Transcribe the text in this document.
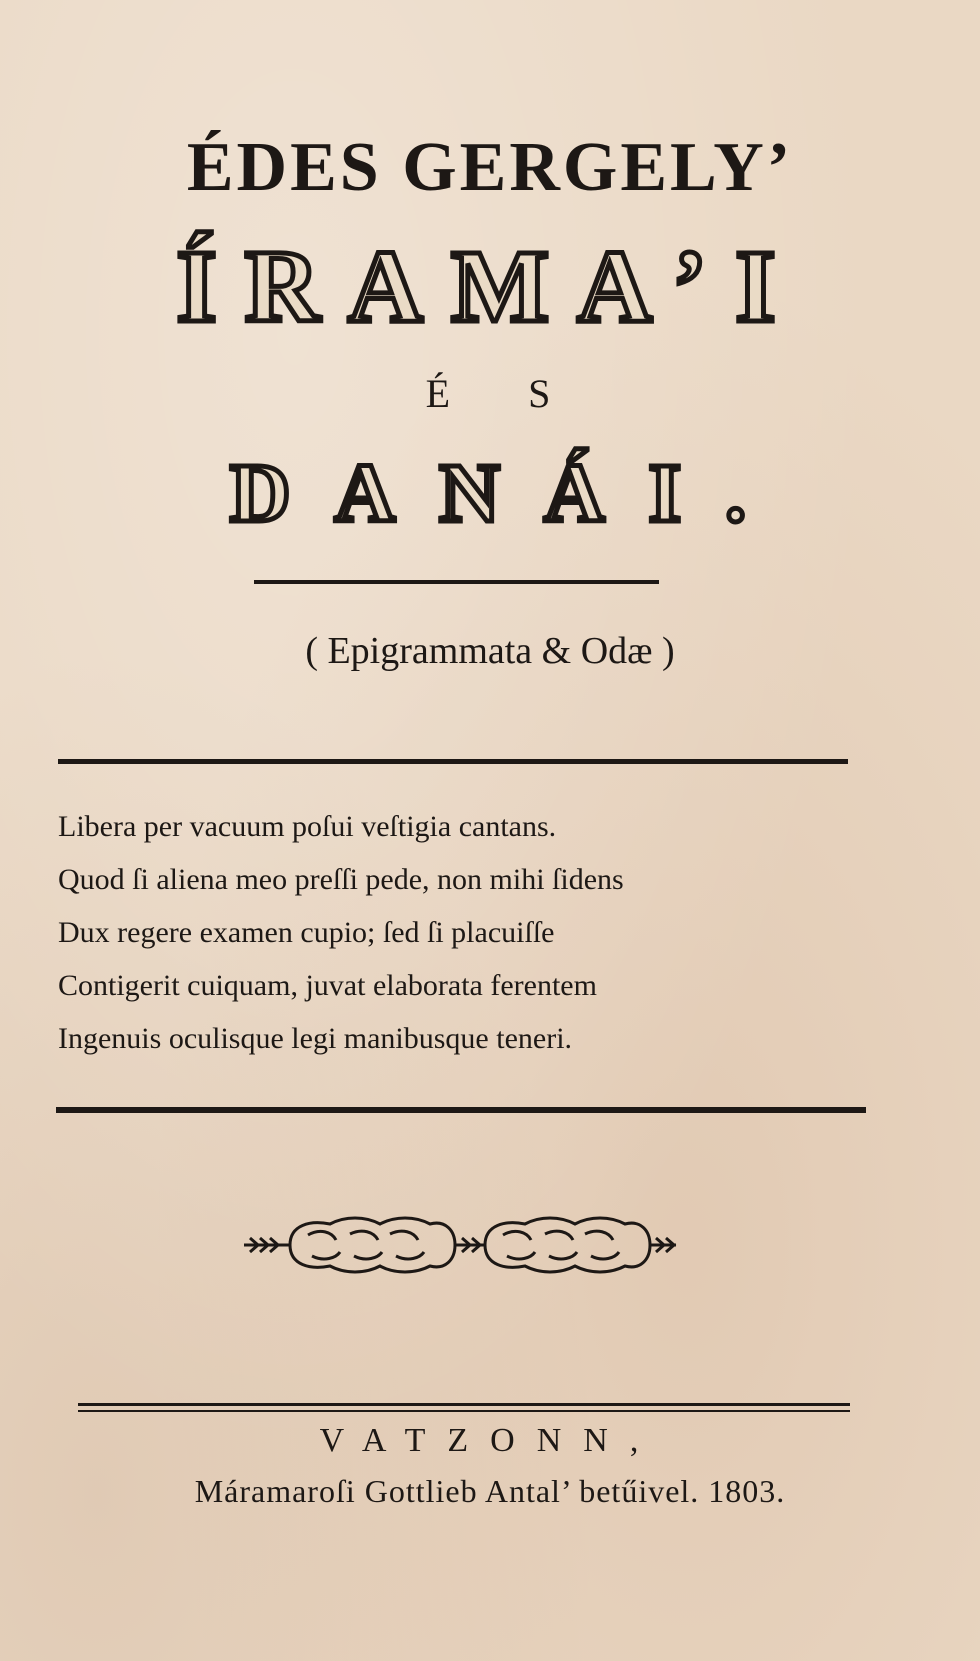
ÉDES GERGELY’
ÍRAMA’I
É S
DANÁI.
( Epigrammata & Odæ )
Libera per vacuum poſui veſtigia cantans.
Quod ſi aliena meo preſſi pede, non mihi ſidens
Dux regere examen cupio; ſed ſi placuiſſe
Contigerit cuiquam, juvat elaborata ferentem
Ingenuis oculisque legi manibusque teneri.
VATZONN,
Máramaroſi Gottlieb Antal’ betűivel. 1803.
